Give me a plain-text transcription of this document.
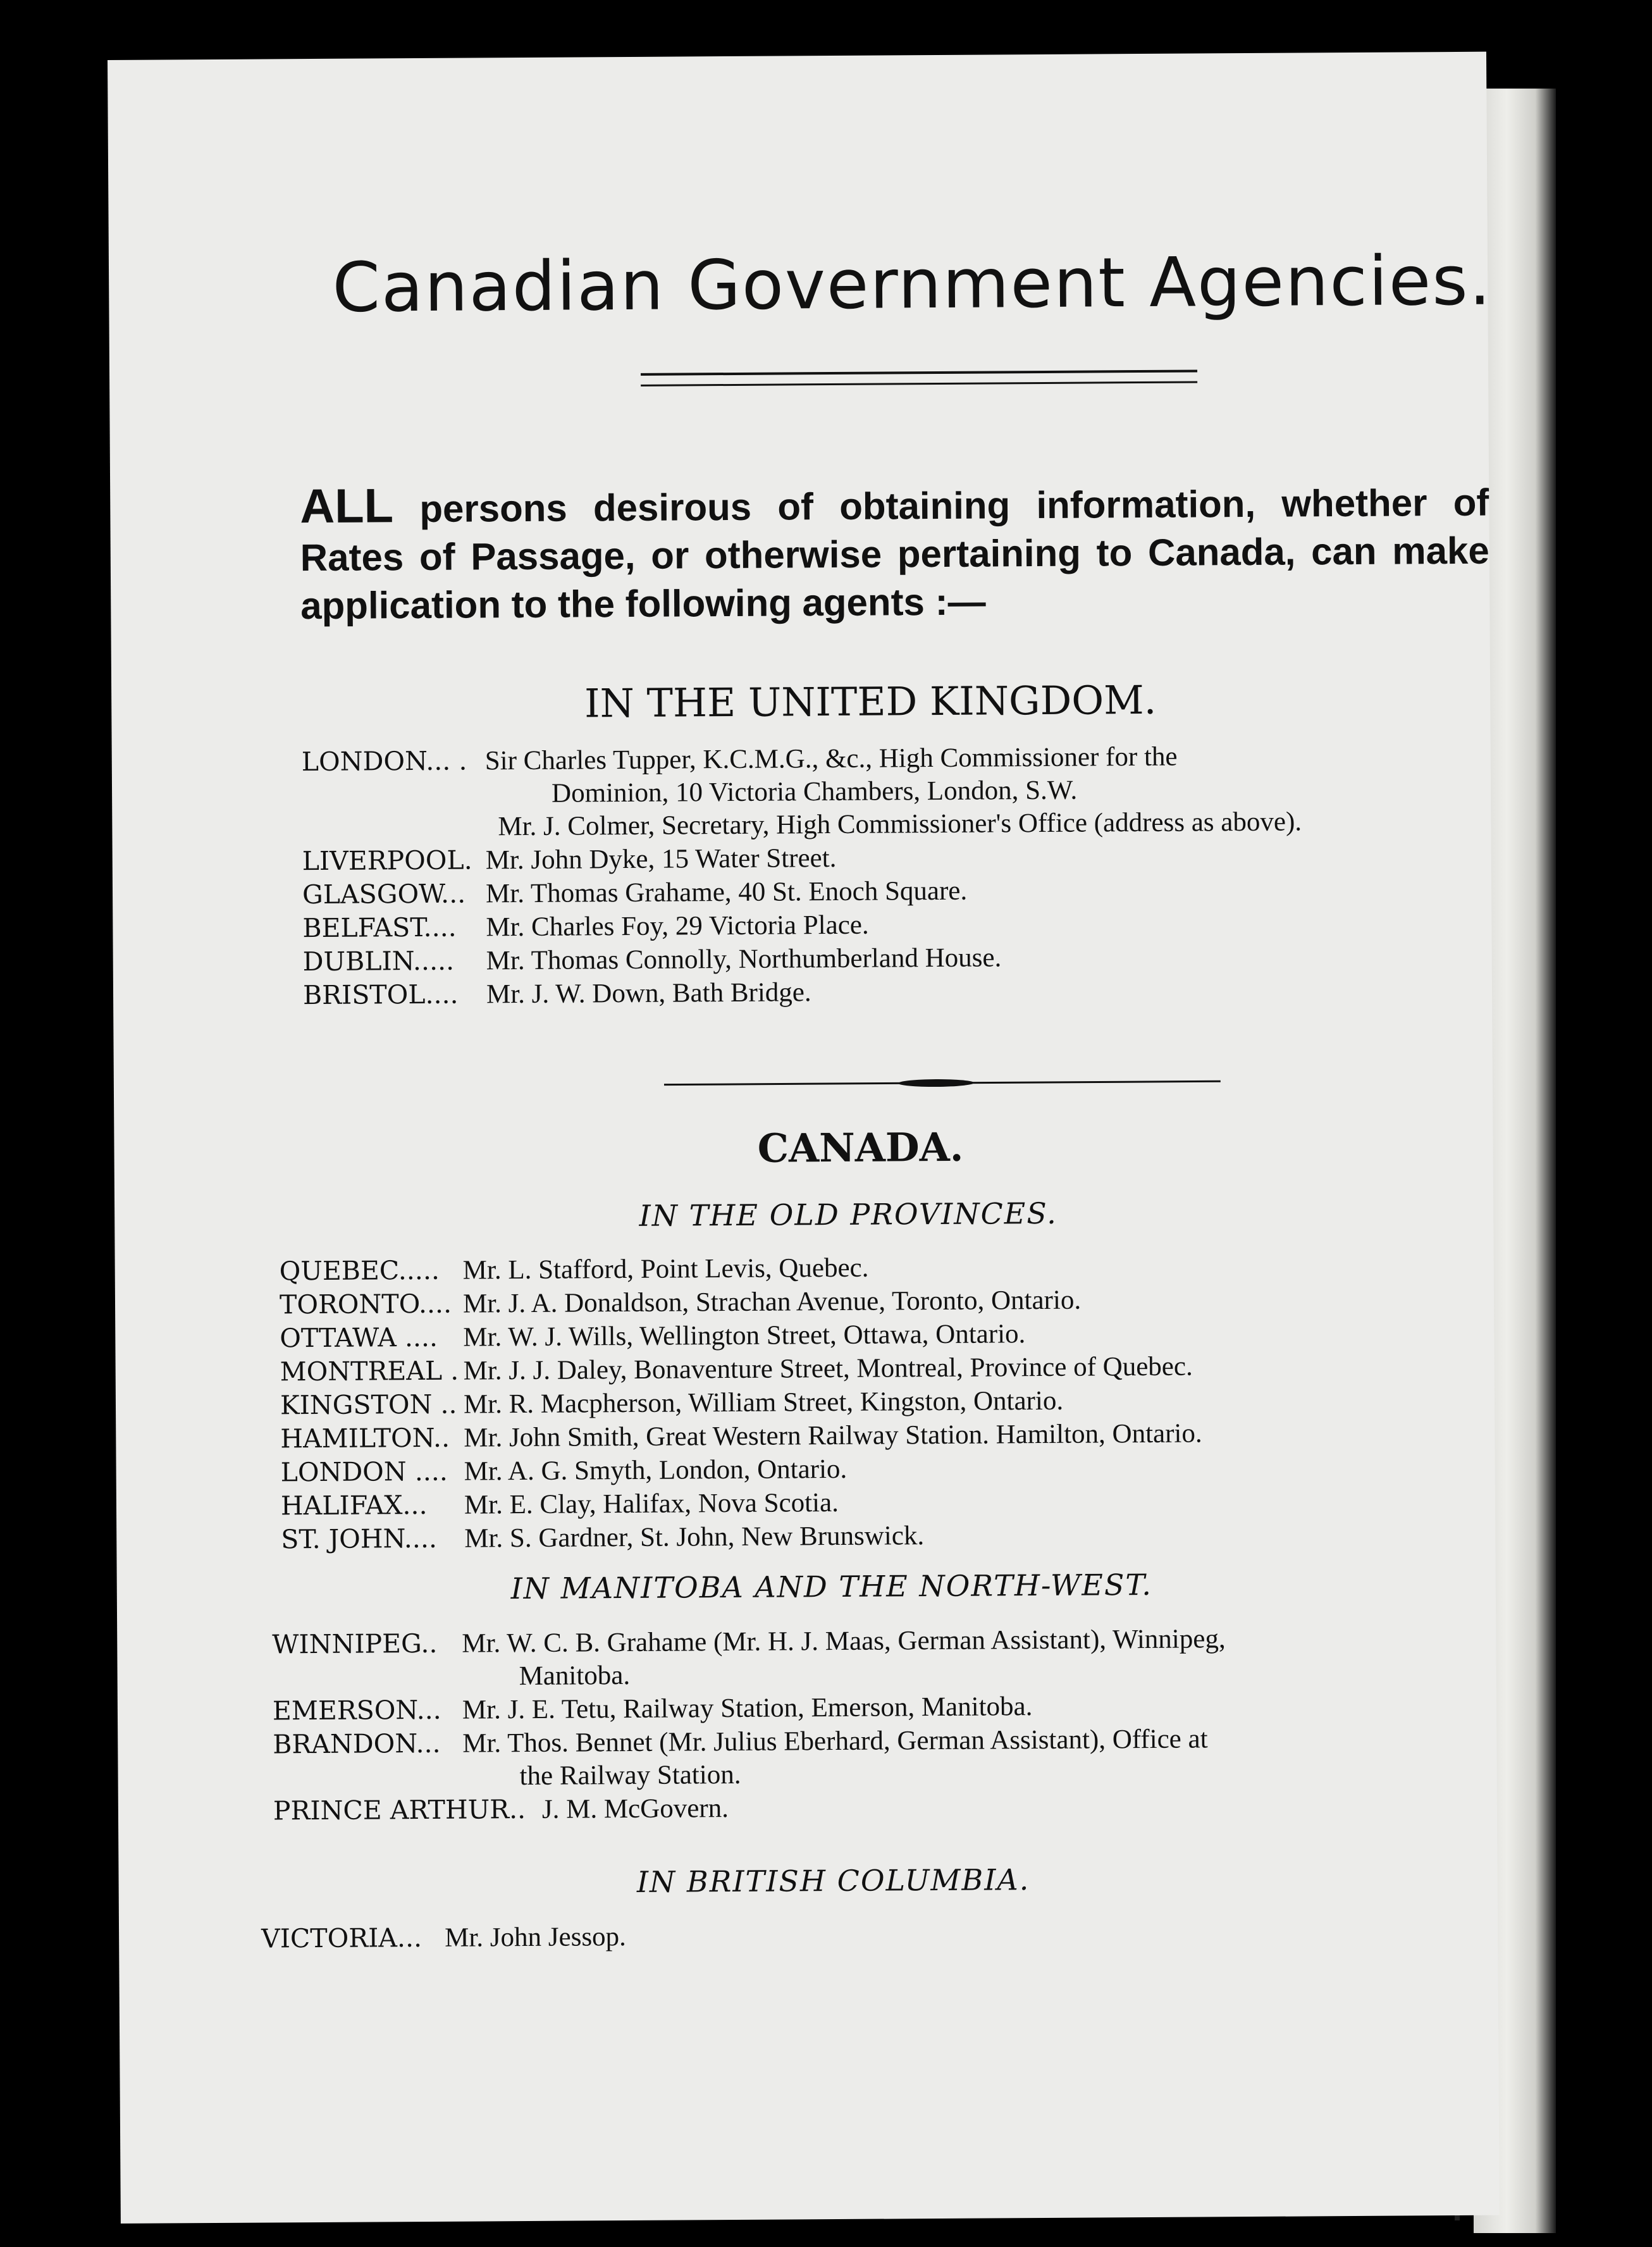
Canadian Government Agencies.
ALL persons desirous of obtaining information, whether of Rates of Passage, or otherwise pertaining to Canada, can make application to the following agents :—
IN THE UNITED KINGDOM.
LONDON... . Sir Charles Tupper, K.C.M.G., &c., High Commissioner for the
Dominion, 10 Victoria Chambers, London, S.W.
Mr. J. Colmer, Secretary, High Commissioner's Office (address as above).
LIVERPOOL. Mr. John Dyke, 15 Water Street.
GLASGOW... Mr. Thomas Grahame, 40 St. Enoch Square.
BELFAST.... Mr. Charles Foy, 29 Victoria Place.
DUBLIN..... Mr. Thomas Connolly, Northumberland House.
BRISTOL.... Mr. J. W. Down, Bath Bridge.
CANADA.
IN THE OLD PROVINCES.
QUEBEC..... Mr. L. Stafford, Point Levis, Quebec.
TORONTO.... Mr. J. A. Donaldson, Strachan Avenue, Toronto, Ontario.
OTTAWA .... Mr. W. J. Wills, Wellington Street, Ottawa, Ontario.
MONTREAL . Mr. J. J. Daley, Bonaventure Street, Montreal, Province of Quebec.
KINGSTON .. Mr. R. Macpherson, William Street, Kingston, Ontario.
HAMILTON.. Mr. John Smith, Great Western Railway Station. Hamilton, Ontario.
LONDON .... Mr. A. G. Smyth, London, Ontario.
HALIFAX... Mr. E. Clay, Halifax, Nova Scotia.
ST. JOHN.... Mr. S. Gardner, St. John, New Brunswick.
IN MANITOBA AND THE NORTH-WEST.
WINNIPEG.. Mr. W. C. B. Grahame (Mr. H. J. Maas, German Assistant), Winnipeg,
Manitoba.
EMERSON... Mr. J. E. Tetu, Railway Station, Emerson, Manitoba.
BRANDON... Mr. Thos. Bennet (Mr. Julius Eberhard, German Assistant), Office at
the Railway Station.
PRINCE ARTHUR.. J. M. McGovern.
IN BRITISH COLUMBIA.
VICTORIA... Mr. John Jessop.
